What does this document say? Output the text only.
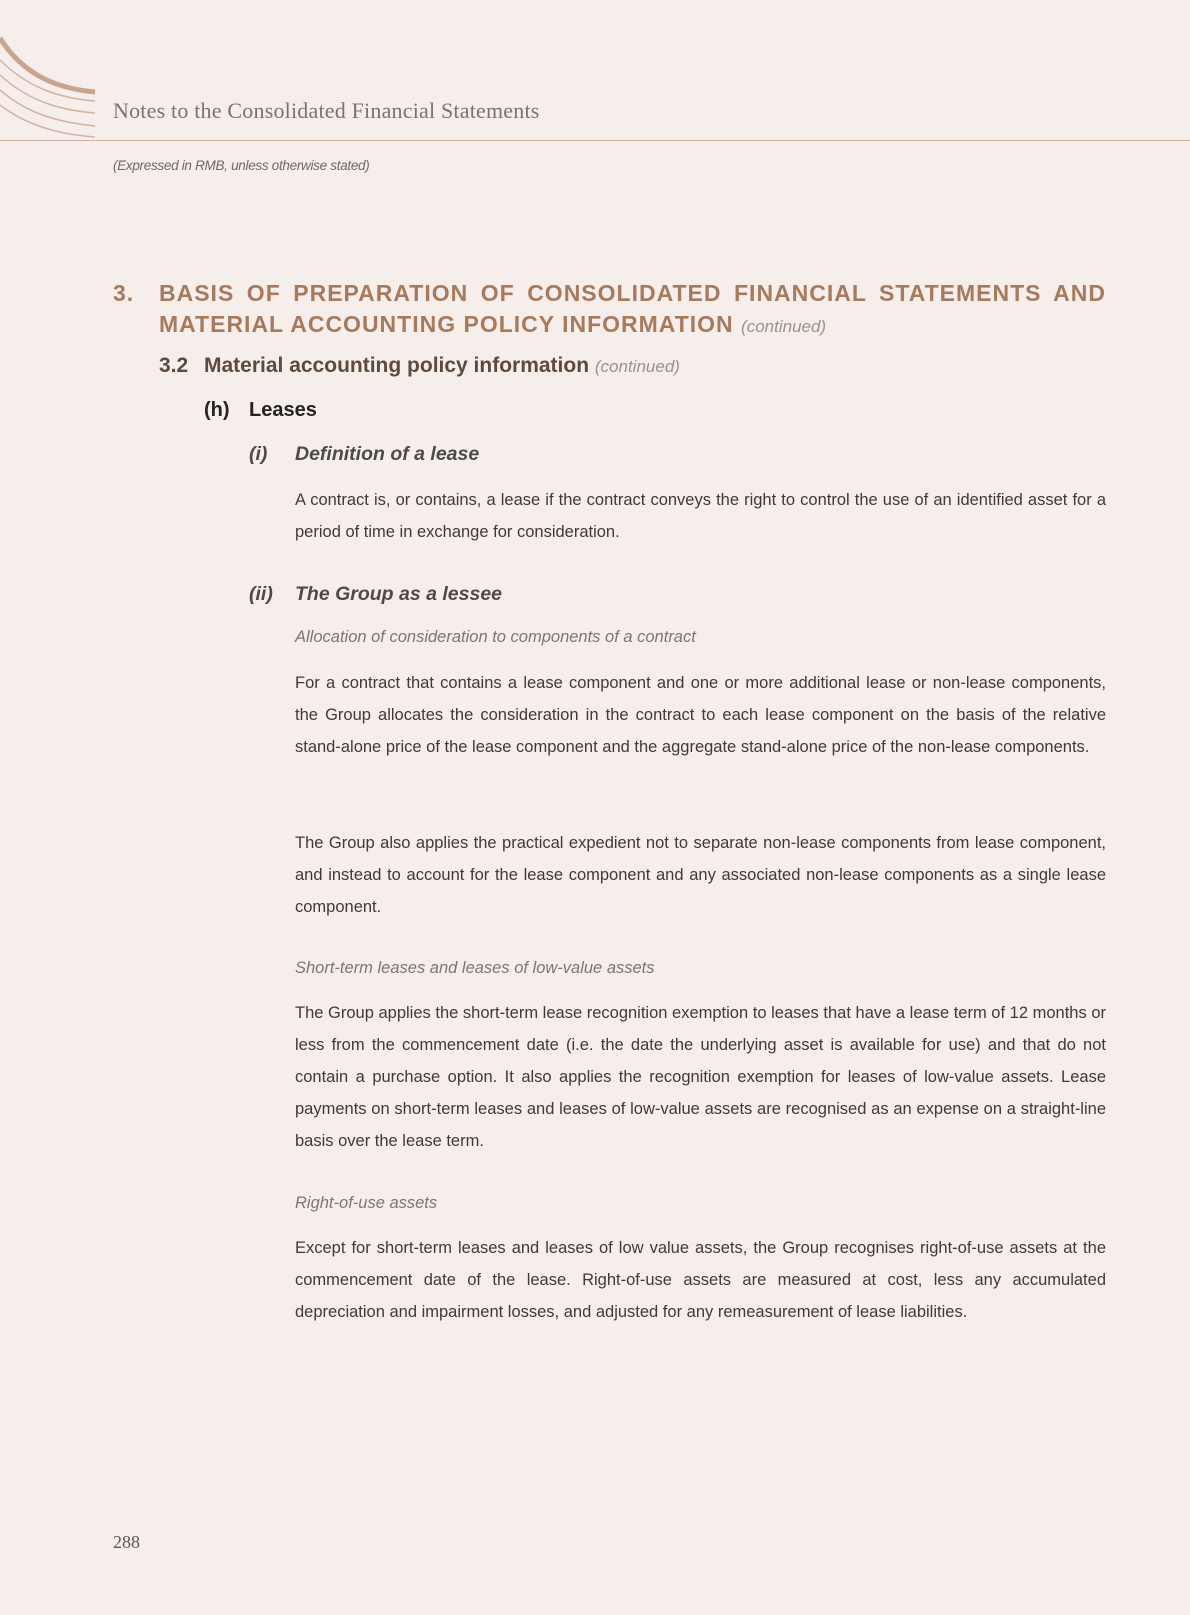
Notes to the Consolidated Financial Statements
(Expressed in RMB, unless otherwise stated)
3. BASIS OF PREPARATION OF CONSOLIDATED FINANCIAL STATEMENTS AND MATERIAL ACCOUNTING POLICY INFORMATION (continued)
3.2 Material accounting policy information (continued)
(h) Leases
(i) Definition of a lease

A contract is, or contains, a lease if the contract conveys the right to control the use of an identified asset for a period of time in exchange for consideration.

(ii) The Group as a lessee
Allocation of consideration to components of a contract

For a contract that contains a lease component and one or more additional lease or non-lease components, the Group allocates the consideration in the contract to each lease component on the basis of the relative stand-alone price of the lease component and the aggregate stand-alone price of the non-lease components.

The Group also applies the practical expedient not to separate non-lease components from lease component, and instead to account for the lease component and any associated non-lease components as a single lease component.

Short-term leases and leases of low-value assets

The Group applies the short-term lease recognition exemption to leases that have a lease term of 12 months or less from the commencement date (i.e. the date the underlying asset is available for use) and that do not contain a purchase option. It also applies the recognition exemption for leases of low-value assets. Lease payments on short-term leases and leases of low-value assets are recognised as an expense on a straight-line basis over the lease term.

Right-of-use assets

Except for short-term leases and leases of low value assets, the Group recognises right-of-use assets at the commencement date of the lease. Right-of-use assets are measured at cost, less any accumulated depreciation and impairment losses, and adjusted for any remeasurement of lease liabilities.

288
